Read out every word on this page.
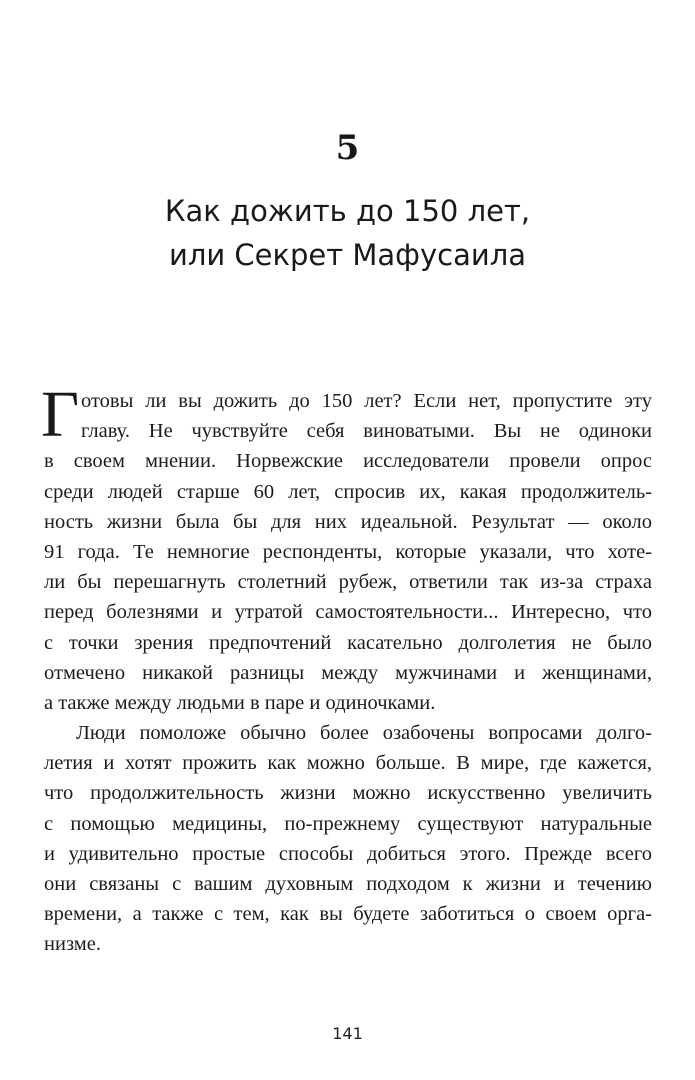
5
Как дожить до 150 лет,
или Секрет Мафусаила
Г отовы ли вы дожить до 150 лет? Если нет, пропустите эту
главу. Не чувствуйте себя виноватыми. Вы не одиноки
в своем мнении. Норвежские исследователи провели опрос
среди людей старше 60 лет, спросив их, какая продолжитель-
ность жизни была бы для них идеальной. Результат — около
91 года. Те немногие респонденты, которые указали, что хоте-
ли бы перешагнуть столетний рубеж, ответили так из-за страха
перед болезнями и утратой самостоятельности... Интересно, что
с точки зрения предпочтений касательно долголетия не было
отмечено никакой разницы между мужчинами и женщинами,
а также между людьми в паре и одиночками.
Люди помоложе обычно более озабочены вопросами долго-
летия и хотят прожить как можно больше. В мире, где кажется,
что продолжительность жизни можно искусственно увеличить
с помощью медицины, по-прежнему существуют натуральные
и удивительно простые способы добиться этого. Прежде всего
они связаны с вашим духовным подходом к жизни и течению
времени, а также с тем, как вы будете заботиться о своем орга-
низме.
141
